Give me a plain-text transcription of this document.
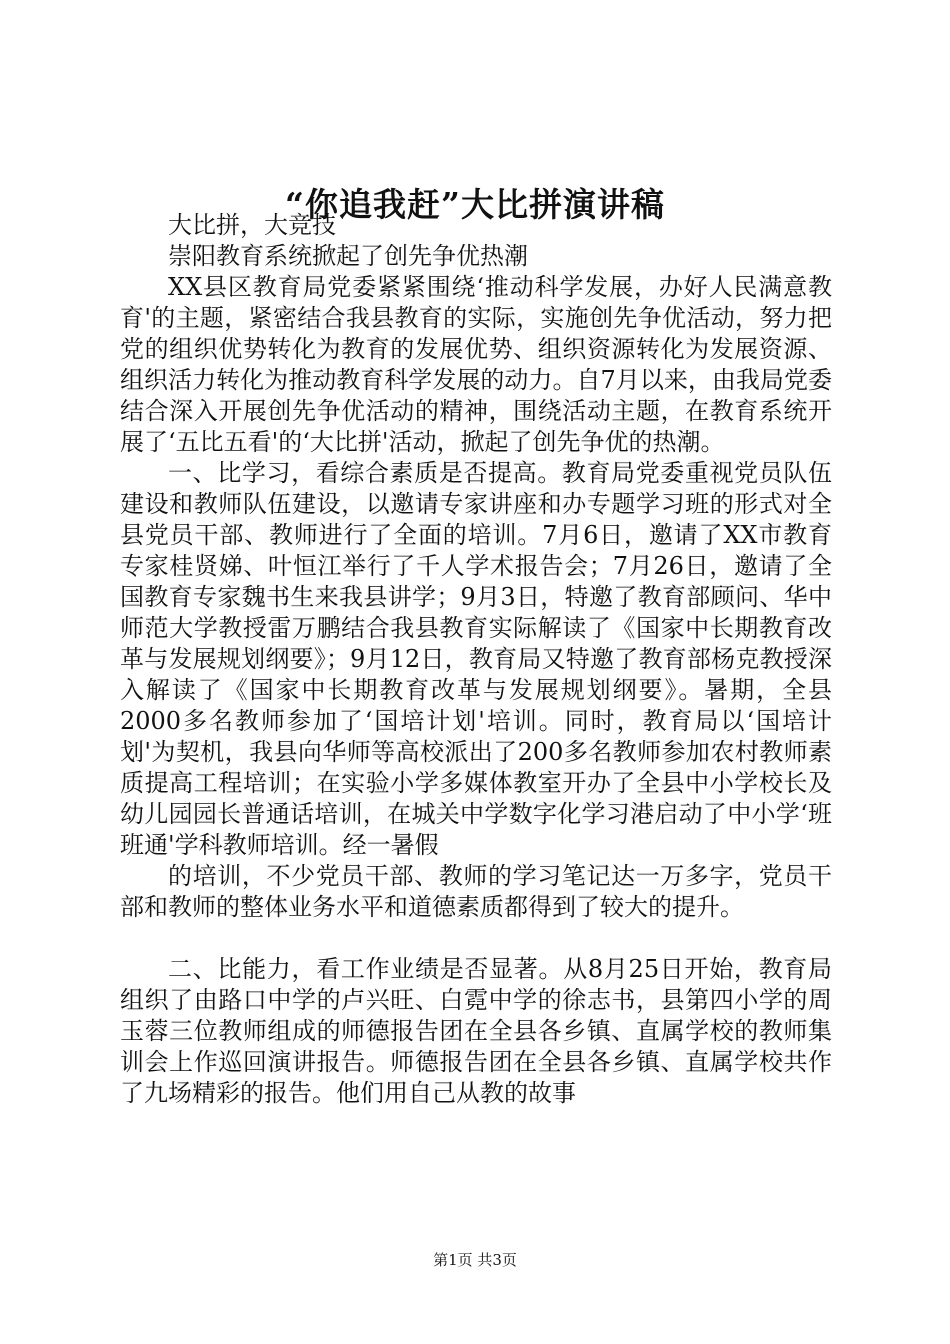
“你追我赶”大比拼演讲稿

大比拼，大竞技

崇阳教育系统掀起了创先争优热潮

XX县区教育局党委紧紧围绕‘推动科学发展，办好人民满意教育'的主题，紧密结合我县教育的实际，实施创先争优活动，努力把党的组织优势转化为教育的发展优势、组织资源转化为发展资源、组织活力转化为推动教育科学发展的动力。自7月以来，由我局党委结合深入开展创先争优活动的精神，围绕活动主题，在教育系统开展了‘五比五看'的‘大比拼'活动，掀起了创先争优的热潮。

一、比学习，看综合素质是否提高。教育局党委重视党员队伍建设和教师队伍建设，以邀请专家讲座和办专题学习班的形式对全县党员干部、教师进行了全面的培训。7月6日，邀请了XX市教育专家桂贤娣、叶恒江举行了千人学术报告会；7月26日，邀请了全国教育专家魏书生来我县讲学；9月3日，特邀了教育部顾问、华中师范大学教授雷万鹏结合我县教育实际解读了《国家中长期教育改革与发展规划纲要》；9月12日，教育局又特邀了教育部杨克教授深入解读了《国家中长期教育改革与发展规划纲要》。暑期，全县2000多名教师参加了‘国培计划'培训。同时，教育局以‘国培计划'为契机，我县向华师等高校派出了200多名教师参加农村教师素质提高工程培训；在实验小学多媒体教室开办了全县中小学校长及幼儿园园长普通话培训，在城关中学数字化学习港启动了中小学‘班班通'学科教师培训。经一暑假

的培训，不少党员干部、教师的学习笔记达一万多字，党员干部和教师的整体业务水平和道德素质都得到了较大的提升。

二、比能力，看工作业绩是否显著。从8月25日开始，教育局组织了由路口中学的卢兴旺、白霓中学的徐志书，县第四小学的周玉蓉三位教师组成的师德报告团在全县各乡镇、直属学校的教师集训会上作巡回演讲报告。师德报告团在全县各乡镇、直属学校共作了九场精彩的报告。他们用自己从教的故事

第1页 共3页
